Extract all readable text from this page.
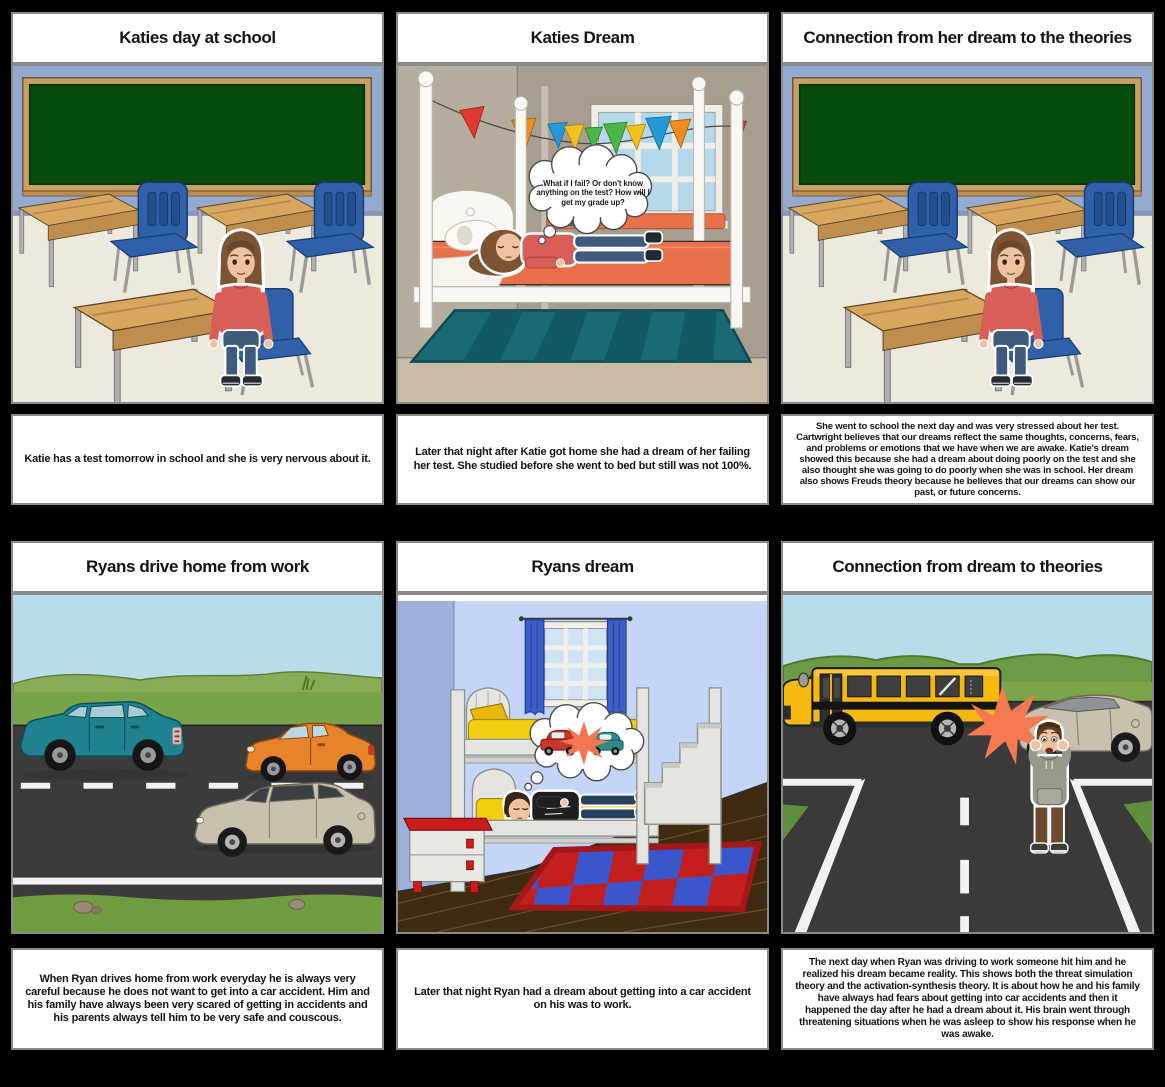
Katies day at school
Katie has a test tomorrow in school and she is very nervous about it.
Katies Dream
What if I fail? Or don't know anything on the test? How will I get my grade up?
Later that night after Katie got home she had a dream of her failing her test. She studied before she went to bed but still was not 100%.
Connection from her dream to the theories
She went to school the next day and was very stressed about her test. Cartwright believes that our dreams reflect the same thoughts, concerns, fears, and problems or emotions that we have when we are awake. Katie's dream showed this because she had a dream about doing poorly on the test and she also thought she was going to do poorly when she was in school. Her dream also shows Freuds theory because he believes that our dreams can show our past, or future concerns.
Ryans drive home from work
When Ryan drives home from work everyday he is always very careful because he does not want to get into a car accident. Him and his family have always been very scared of getting in accidents and his parents always tell him to be very safe and couscous.
Ryans dream
Later that night Ryan had a dream about getting into a car accident on his was to work.
Connection from dream to theories
The next day when Ryan was driving to work someone hit him and he realized his dream became reality. This shows both the threat simulation theory and the activation-synthesis theory. It is about how he and his family have always had fears about getting into car accidents and then it happened the day after he had a dream about it. His brain went through threatening situations when he was asleep to show his response when he was awake.
